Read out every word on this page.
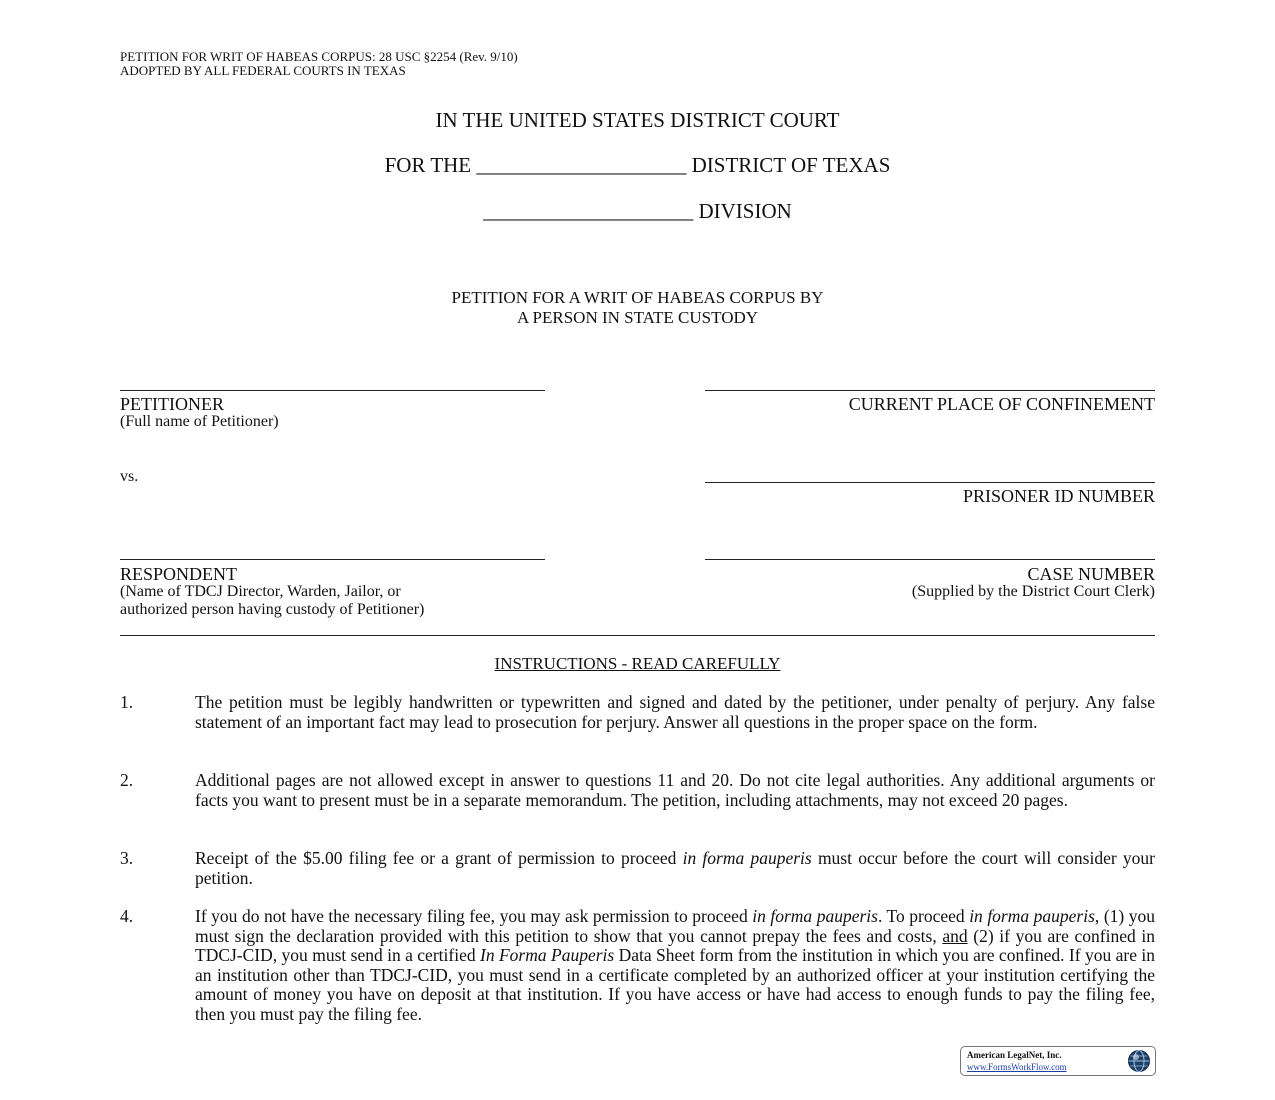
PETITION FOR WRIT OF HABEAS CORPUS: 28 USC §2254 (Rev. 9/10)
ADOPTED BY ALL FEDERAL COURTS IN TEXAS
IN THE UNITED STATES DISTRICT COURT
FOR THE ____________________ DISTRICT OF TEXAS
____________________ DIVISION
PETITION FOR A WRIT OF HABEAS CORPUS BY
A PERSON IN STATE CUSTODY
PETITIONER
(Full name of Petitioner)
CURRENT PLACE OF CONFINEMENT
vs.
PRISONER ID NUMBER
RESPONDENT
(Name of TDCJ Director, Warden, Jailor, or
authorized person having custody of Petitioner)
CASE NUMBER
(Supplied by the District Court Clerk)
INSTRUCTIONS - READ CAREFULLY
1.	The petition must be legibly handwritten or typewritten and signed and dated by the petitioner, under penalty of perjury. Any false statement of an important fact may lead to prosecution for perjury. Answer all questions in the proper space on the form.
2.	Additional pages are not allowed except in answer to questions 11 and 20. Do not cite legal authorities. Any additional arguments or facts you want to present must be in a separate memorandum. The petition, including attachments, may not exceed 20 pages.
3.	Receipt of the $5.00 filing fee or a grant of permission to proceed in forma pauperis must occur before the court will consider your petition.
4.	If you do not have the necessary filing fee, you may ask permission to proceed in forma pauperis. To proceed in forma pauperis, (1) you must sign the declaration provided with this petition to show that you cannot prepay the fees and costs, and (2) if you are confined in TDCJ-CID, you must send in a certified In Forma Pauperis Data Sheet form from the institution in which you are confined. If you are in an institution other than TDCJ-CID, you must send in a certificate completed by an authorized officer at your institution certifying the amount of money you have on deposit at that institution. If you have access or have had access to enough funds to pay the filing fee, then you must pay the filing fee.
American LegalNet, Inc.
www.FormsWorkFlow.com
